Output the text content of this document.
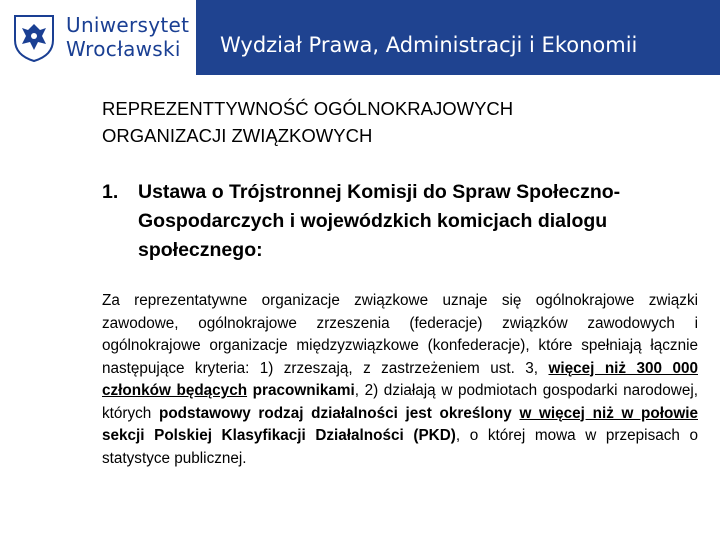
Uniwersytet
Wrocławski	Wydział Prawa, Administracji i Ekonomii
REPREZENTTYWNOŚĆ OGÓLNOKRAJOWYCH
ORGANIZACJI ZWIĄZKOWYCH
1. Ustawa o Trójstronnej Komisji do Spraw Społeczno-Gospodarczych i wojewódzkich komicjach dialogu społecznego:
Za reprezentatywne organizacje związkowe uznaje się ogólnokrajowe związki zawodowe, ogólnokrajowe zrzeszenia (federacje) związków zawodowych i ogólnokrajowe organizacje międzyzwiązkowe (konfederacje), które spełniają łącznie następujące kryteria: 1) zrzeszają, z zastrzeżeniem ust. 3, więcej niż 300 000 członków będących pracownikami, 2) działają w podmiotach gospodarki narodowej, których podstawowy rodzaj działalności jest określony w więcej niż w połowie sekcji Polskiej Klasyfikacji Działalności (PKD), o której mowa w przepisach o statystyce publicznej.
